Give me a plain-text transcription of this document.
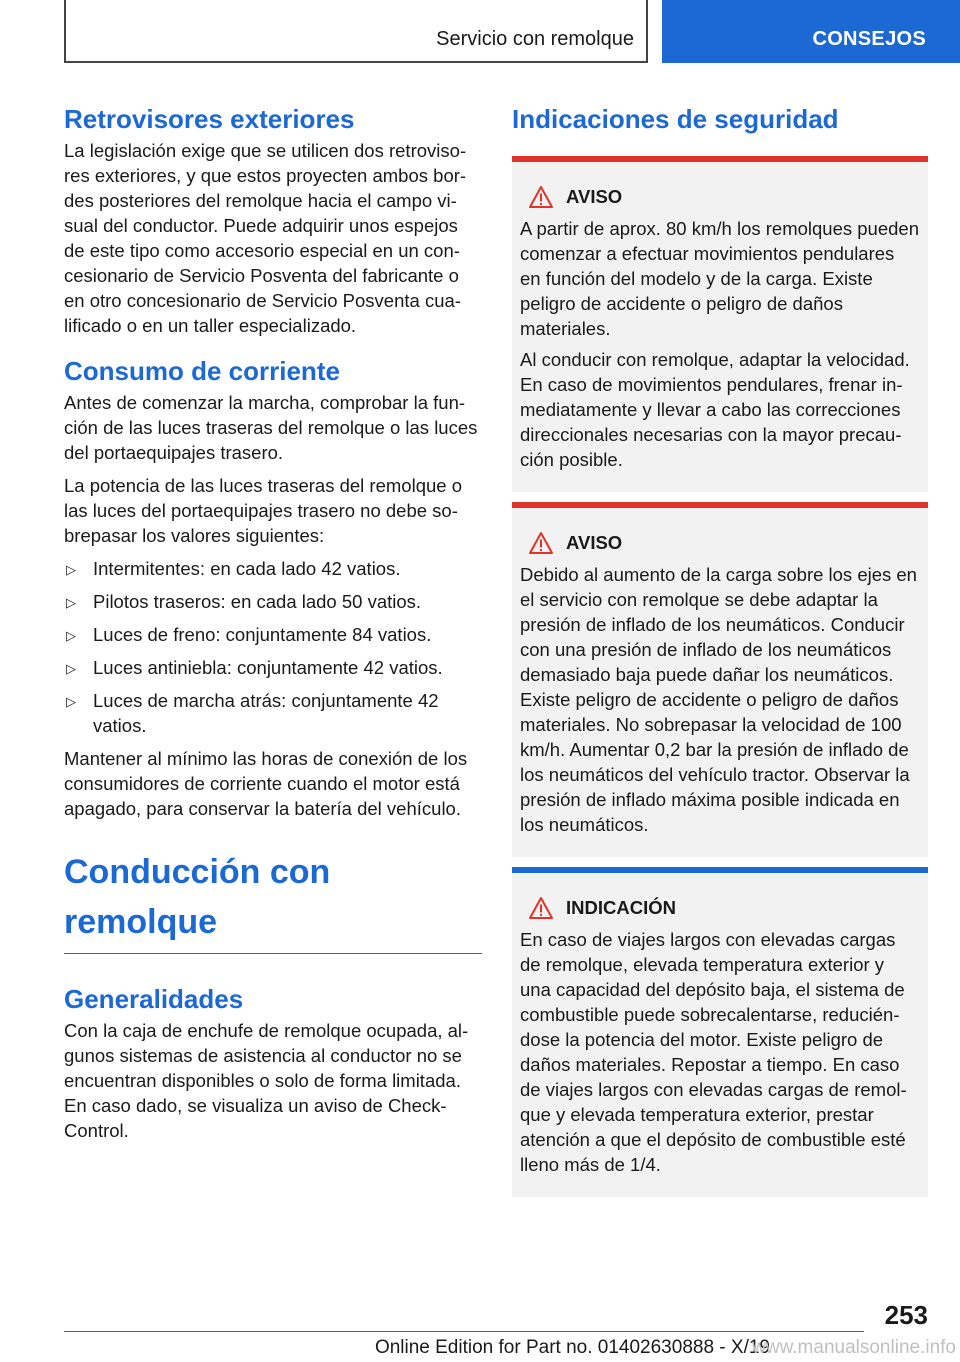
Servicio con remolque	CONSEJOS
Retrovisores exteriores

La legislación exige que se utilicen dos retrovisores exteriores, y que estos proyecten ambos bordes posteriores del remolque hacia el campo visual del conductor. Puede adquirir unos espejos de este tipo como accesorio especial en un concesionario de Servicio Posventa del fabricante o en otro concesionario de Servicio Posventa cualificado o en un taller especializado.

Consumo de corriente

Antes de comenzar la marcha, comprobar la función de las luces traseras del remolque o las luces del portaequipajes trasero.

La potencia de las luces traseras del remolque o las luces del portaequipajes trasero no debe sobrepasar los valores siguientes:

▷ Intermitentes: en cada lado 42 vatios.
▷ Pilotos traseros: en cada lado 50 vatios.
▷ Luces de freno: conjuntamente 84 vatios.
▷ Luces antiniebla: conjuntamente 42 vatios.
▷ Luces de marcha atrás: conjuntamente 42 vatios.

Mantener al mínimo las horas de conexión de los consumidores de corriente cuando el motor está apagado, para conservar la batería del vehículo.

Conducción con remolque
Generalidades

Con la caja de enchufe de remolque ocupada, algunos sistemas de asistencia al conductor no se encuentran disponibles o solo de forma limitada. En caso dado, se visualiza un aviso de Check-Control.

Indicaciones de seguridad
AVISO

A partir de aprox. 80 km/h los remolques pueden comenzar a efectuar movimientos pendulares en función del modelo y de la carga. Existe peligro de accidente o peligro de daños materiales.

Al conducir con remolque, adaptar la velocidad. En caso de movimientos pendulares, frenar inmediatamente y llevar a cabo las correcciones direccionales necesarias con la mayor precaución posible.

AVISO

Debido al aumento de la carga sobre los ejes en el servicio con remolque se debe adaptar la presión de inflado de los neumáticos. Conducir con una presión de inflado de los neumáticos demasiado baja puede dañar los neumáticos. Existe peligro de accidente o peligro de daños materiales. No sobrepasar la velocidad de 100 km/h. Aumentar 0,2 bar la presión de inflado de los neumáticos del vehículo tractor. Observar la presión de inflado máxima posible indicada en los neumáticos.

INDICACIÓN

En caso de viajes largos con elevadas cargas de remolque, elevada temperatura exterior y una capacidad del depósito baja, el sistema de combustible puede sobrecalentarse, reduciéndose la potencia del motor. Existe peligro de daños materiales. Repostar a tiempo. En caso de viajes largos con elevadas cargas de remolque y elevada temperatura exterior, prestar atención a que el depósito de combustible esté lleno más de 1/4.

253
Online Edition for Part no. 01402630888 - X/19
www.manualsonline.info
